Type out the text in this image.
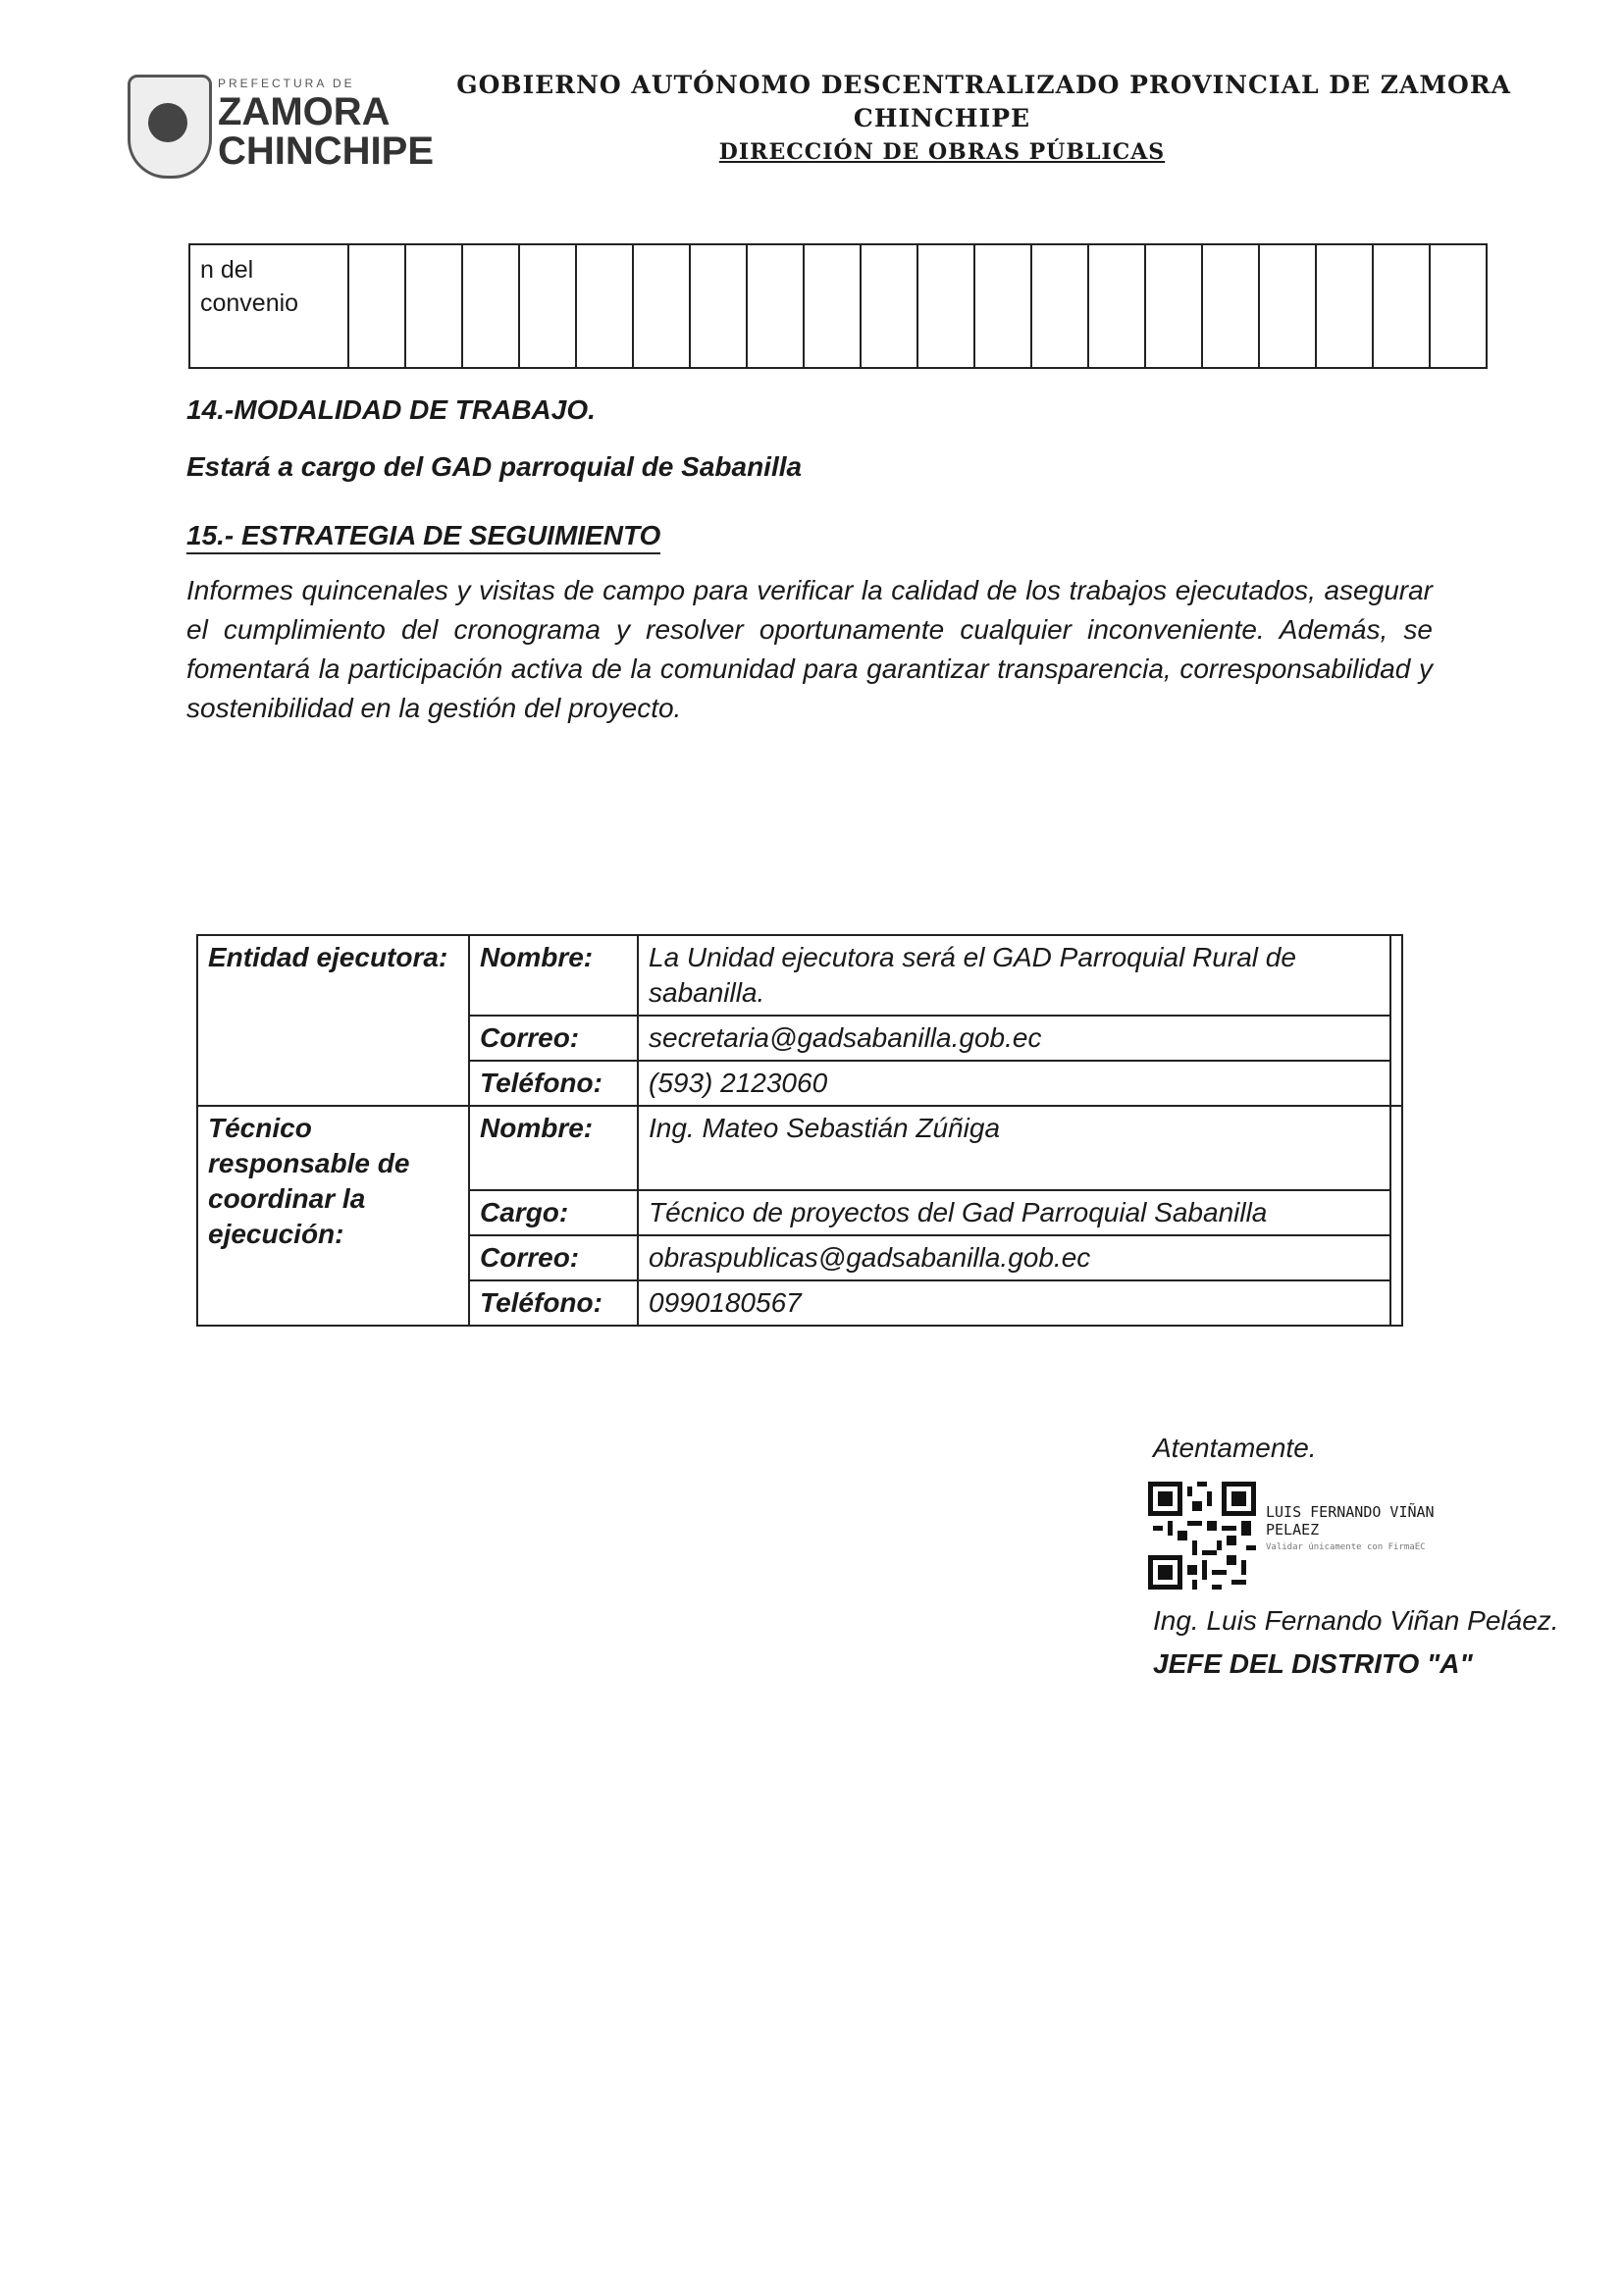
GOBIERNO AUTÓNOMO DESCENTRALIZADO PROVINCIAL DE ZAMORA
CHINCHIPE
DIRECCIÓN DE OBRAS PÚBLICAS
PREFECTURA DE
ZAMORA
CHINCHIPE
n del
convenio

14.-MODALIDAD DE TRABAJO.
Estará a cargo del GAD parroquial de Sabanilla
15.- ESTRATEGIA DE SEGUIMIENTO
Informes quincenales y visitas de campo para verificar la calidad de los trabajos ejecutados, asegurar el cumplimiento del cronograma y resolver oportunamente cualquier inconveniente. Además, se fomentará la participación activa de la comunidad para garantizar transparencia, corresponsabilidad y sostenibilidad en la gestión del proyecto.
Entidad ejecutora:	Nombre:	La Unidad ejecutora será el GAD Parroquial Rural de sabanilla.	
	Correo:	secretaria@gadsabanilla.gob.ec	
	Teléfono:	(593) 2123060	
Técnico responsable de coordinar la ejecución:	Nombre:	Ing. Mateo Sebastián Zúñiga	
	Cargo:	Técnico de proyectos del Gad Parroquial Sabanilla	
	Correo:	obraspublicas@gadsabanilla.gob.ec	
	Teléfono:	0990180567	
Atentamente.
LUIS FERNANDO VIÑAN
PELAEZ
Validar únicamente con FirmaEC
Ing. Luis Fernando Viñan Peláez.
JEFE DEL DISTRITO "A"
